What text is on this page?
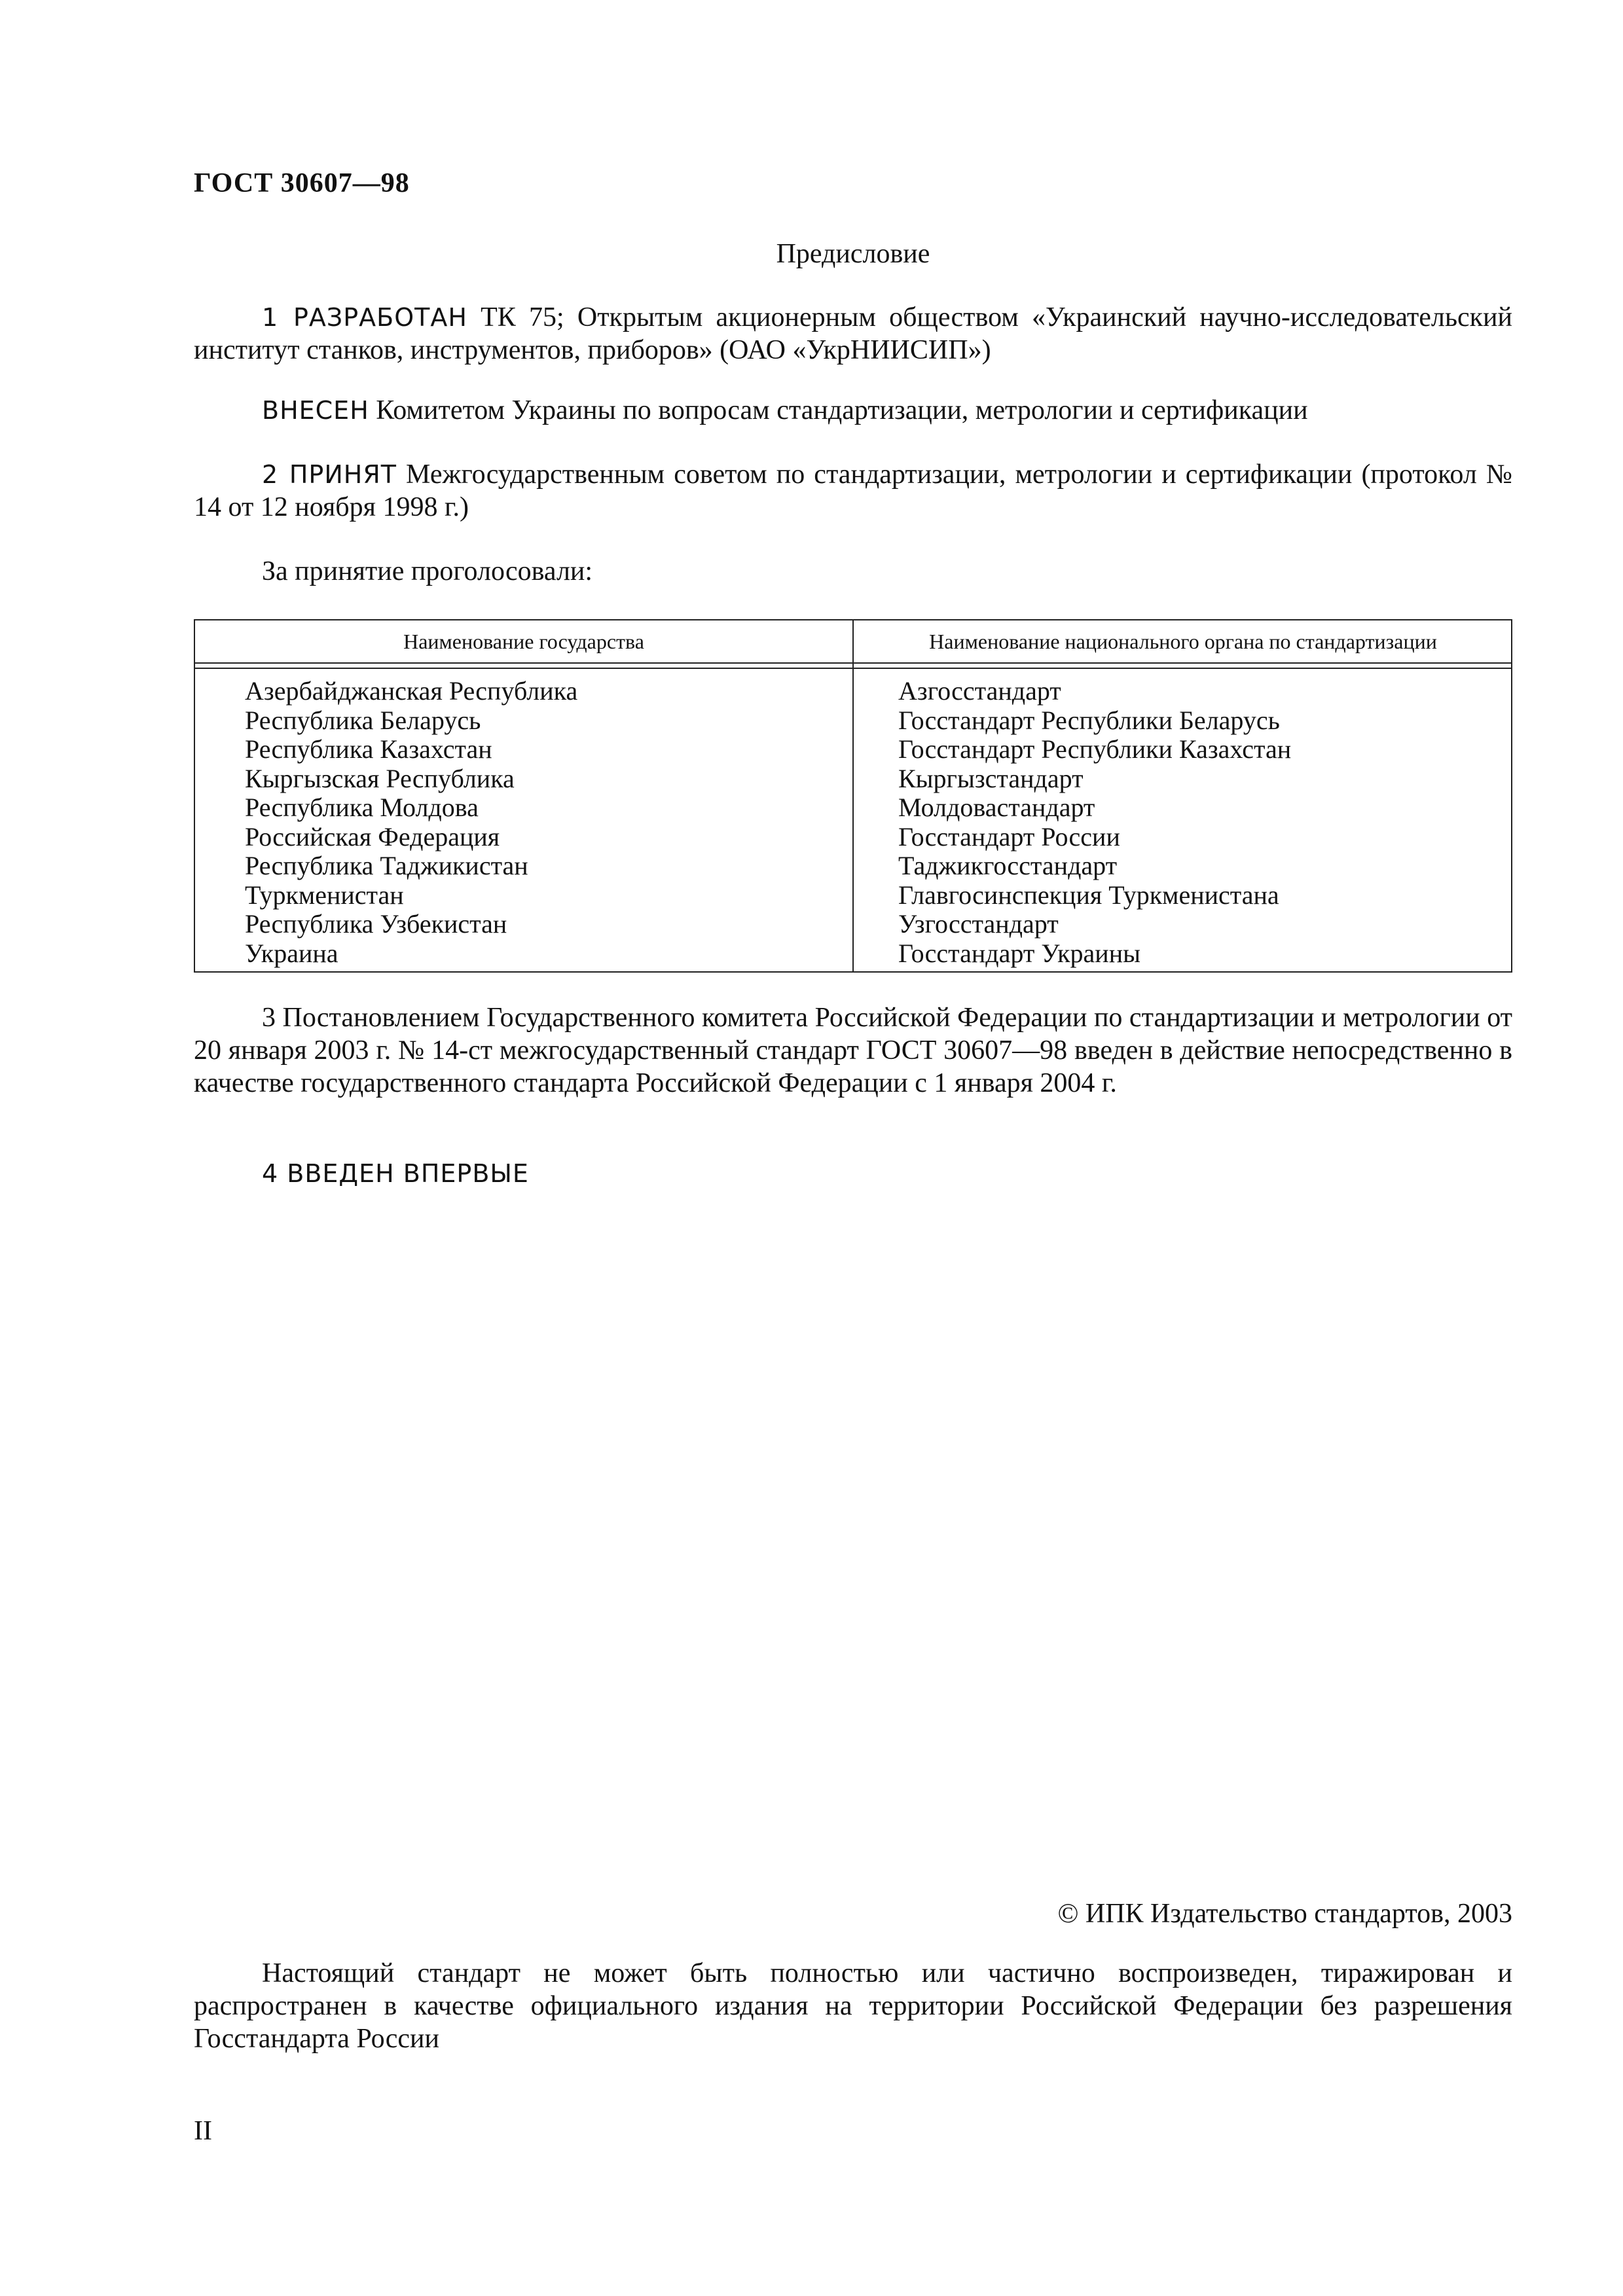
ГОСТ 30607—98
Предисловие

1 РАЗРАБОТАН ТК 75; Открытым акционерным обществом «Украинский научно-исследовательский институт станков, инструментов, приборов» (ОАО «УкрНИИСИП»)

ВНЕСЕН Комитетом Украины по вопросам стандартизации, метрологии и сертификации

2 ПРИНЯТ Межгосударственным советом по стандартизации, метрологии и сертификации (протокол № 14 от 12 ноября 1998 г.)

За принятие проголосовали:

Наименование государства	Наименование национального органа по стандартизации
Азербайджанская Республика
Республика Беларусь
Республика Казахстан
Кыргызская Республика
Республика Молдова
Российская Федерация
Республика Таджикистан
Туркменистан
Республика Узбекистан
Украина
Азгосстандарт
Госстандарт Республики Беларусь
Госстандарт Республики Казахстан
Кыргызстандарт
Молдовастандарт
Госстандарт России
Таджикгосстандарт
Главгосинспекция Туркменистана
Узгосстандарт
Госстандарт Украины

3 Постановлением Государственного комитета Российской Федерации по стандартизации и метрологии от 20 января 2003 г. № 14-ст межгосударственный стандарт ГОСТ 30607—98 введен в действие непосредственно в качестве государственного стандарта Российской Федерации с 1 января 2004 г.

4 ВВЕДЕН ВПЕРВЫЕ

© ИПК Издательство стандартов, 2003

Настоящий стандарт не может быть полностью или частично воспроизведен, тиражирован и распространен в качестве официального издания на территории Российской Федерации без разрешения Госстандарта России

II
